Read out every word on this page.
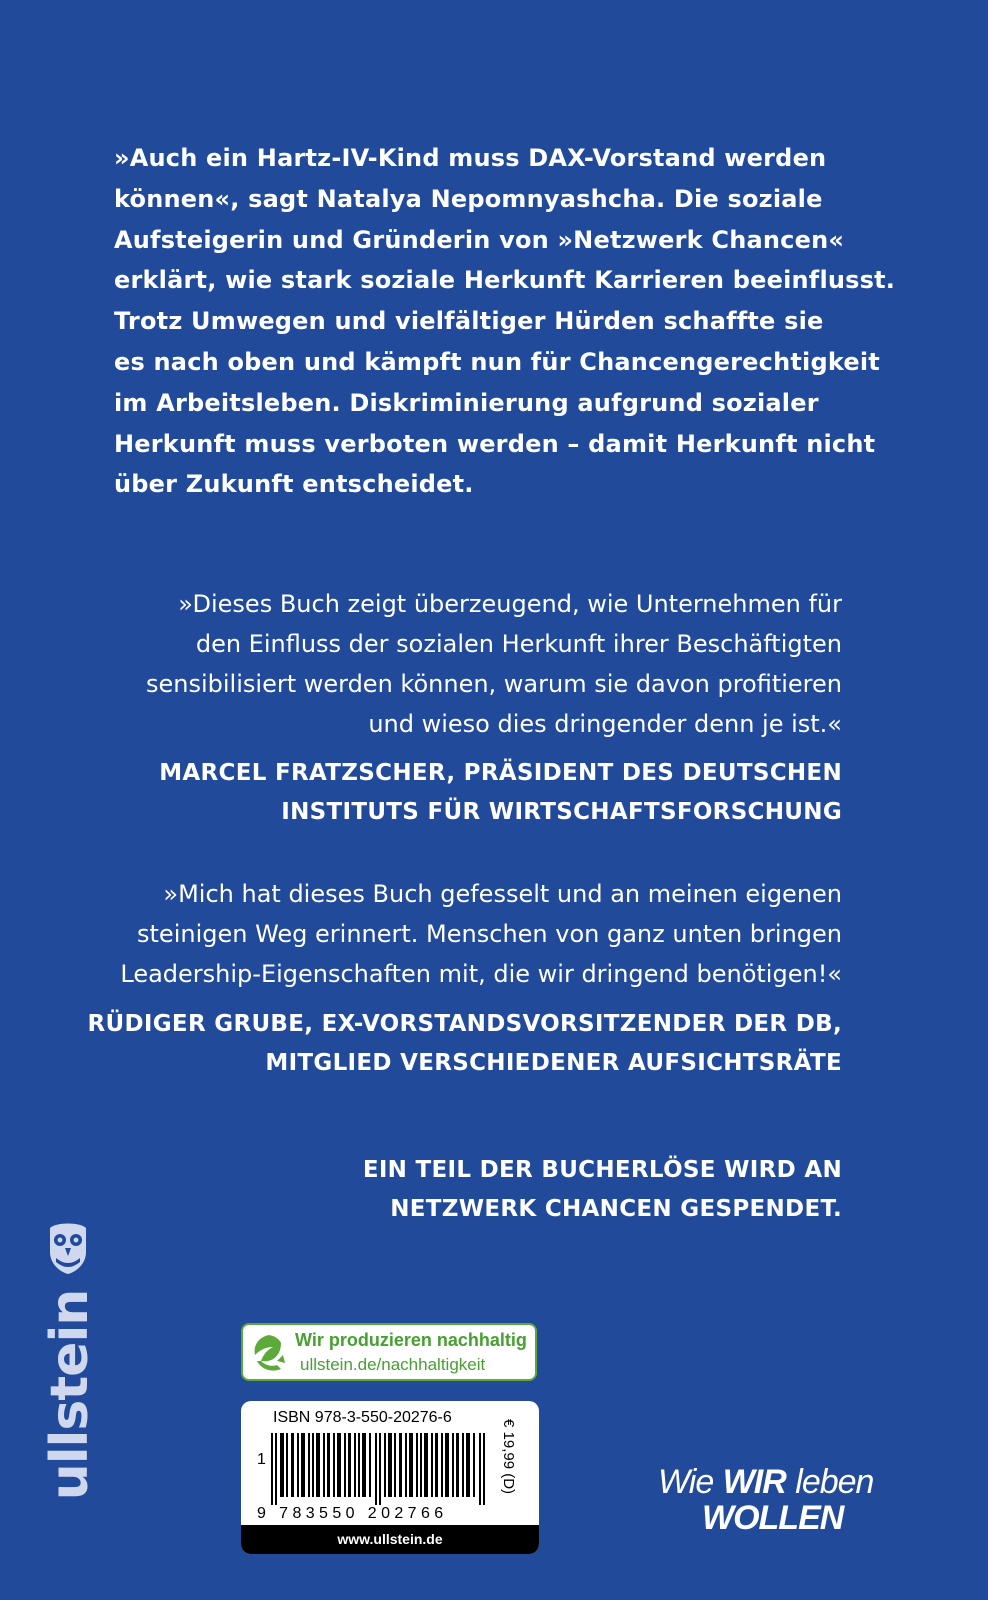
»Auch ein Hartz-IV-Kind muss DAX-Vorstand werden
können«, sagt Natalya Nepomnyashcha. Die soziale
Aufsteigerin und Gründerin von »Netzwerk Chancen«
erklärt, wie stark soziale Herkunft Karrieren beeinflusst.
Trotz Umwegen und vielfältiger Hürden schaffte sie
es nach oben und kämpft nun für Chancengerechtigkeit
im Arbeitsleben. Diskriminierung aufgrund sozialer
Herkunft muss verboten werden – damit Herkunft nicht
über Zukunft entscheidet.
»Dieses Buch zeigt überzeugend, wie Unternehmen für
den Einfluss der sozialen Herkunft ihrer Beschäftigten
sensibilisiert werden können, warum sie davon profitieren
und wieso dies dringender denn je ist.«
MARCEL FRATZSCHER, PRÄSIDENT DES DEUTSCHEN
INSTITUTS FÜR WIRTSCHAFTSFORSCHUNG
»Mich hat dieses Buch gefesselt und an meinen eigenen
steinigen Weg erinnert. Menschen von ganz unten bringen
Leadership-Eigenschaften mit, die wir dringend benötigen!«
RÜDIGER GRUBE, EX-VORSTANDSVORSITZENDER DER DB,
MITGLIED VERSCHIEDENER AUFSICHTSRÄTE
EIN TEIL DER BUCHERLÖSE WIRD AN
NETZWERK CHANCEN GESPENDET.
ullstein	Wir produzieren nachhaltig
ullstein.de/nachhaltigkeit
ISBN 978-3-550-20276-6
1
9 783550 202766
€ 19,99 (D)
www.ullstein.de
Wie WIR leben
WOLLEN
